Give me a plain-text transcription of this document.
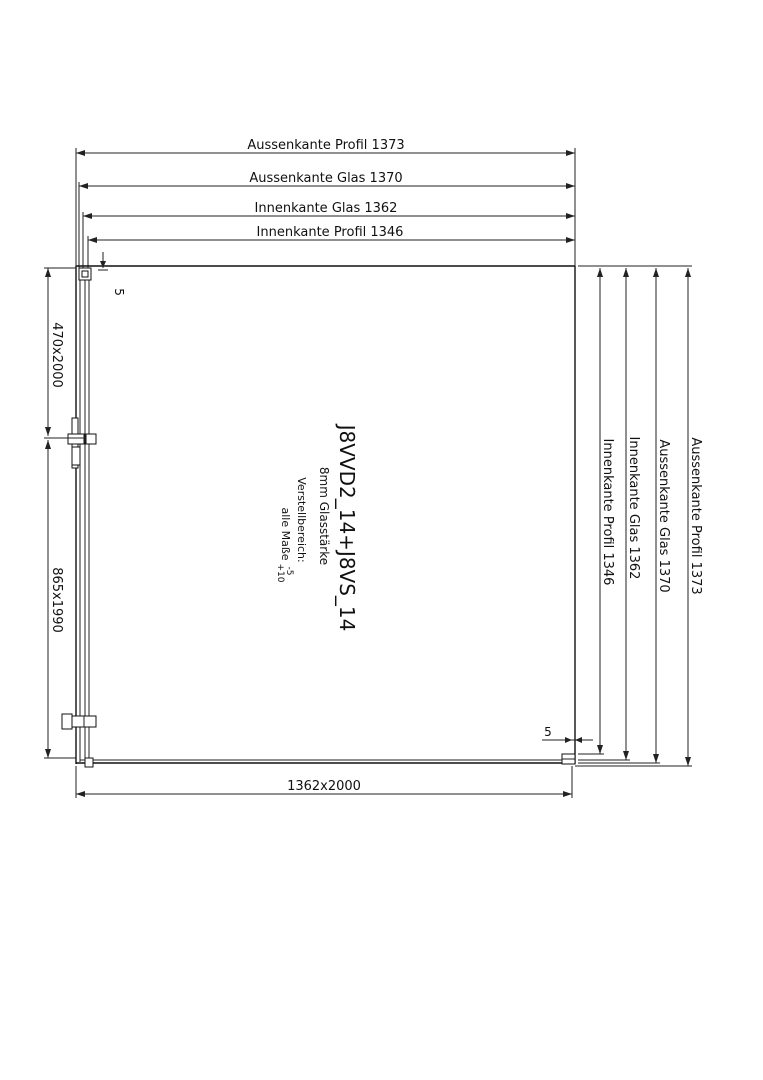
Aussenkante Profil 1373
Aussenkante Glas 1370
Innenkante Glas 1362
Innenkante Profil 1346
5
5
470x2000
865x1990
1362x2000
Innenkante Profil 1346 Innenkante Glas 1362 Aussenkante Glas 1370 Aussenkante Profil 1373
J8VVD2_14+J8VS_14
8mm Glasstärke
Verstellbereich:
alle Maße
-5
+10
